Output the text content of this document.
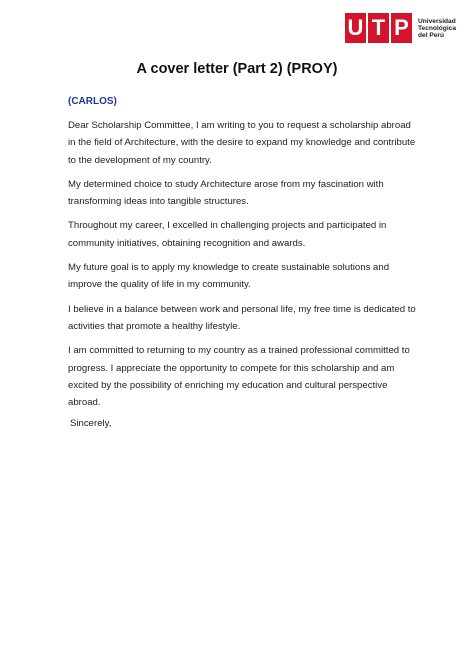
U T P	Universidad
Tecnológica
del Perú
A cover letter (Part 2) (PROY)
(CARLOS)

Dear Scholarship Committee, I am writing to you to request a scholarship abroad in the field of Architecture, with the desire to expand my knowledge and contribute to the development of my country.

My determined choice to study Architecture arose from my fascination with transforming ideas into tangible structures.

Throughout my career, I excelled in challenging projects and participated in community initiatives, obtaining recognition and awards.

My future goal is to apply my knowledge to create sustainable solutions and improve the quality of life in my community.

I believe in a balance between work and personal life, my free time is dedicated to activities that promote a healthy lifestyle.

I am committed to returning to my country as a trained professional committed to progress. I appreciate the opportunity to compete for this scholarship and am excited by the possibility of enriching my education and cultural perspective abroad.

Sincerely,
